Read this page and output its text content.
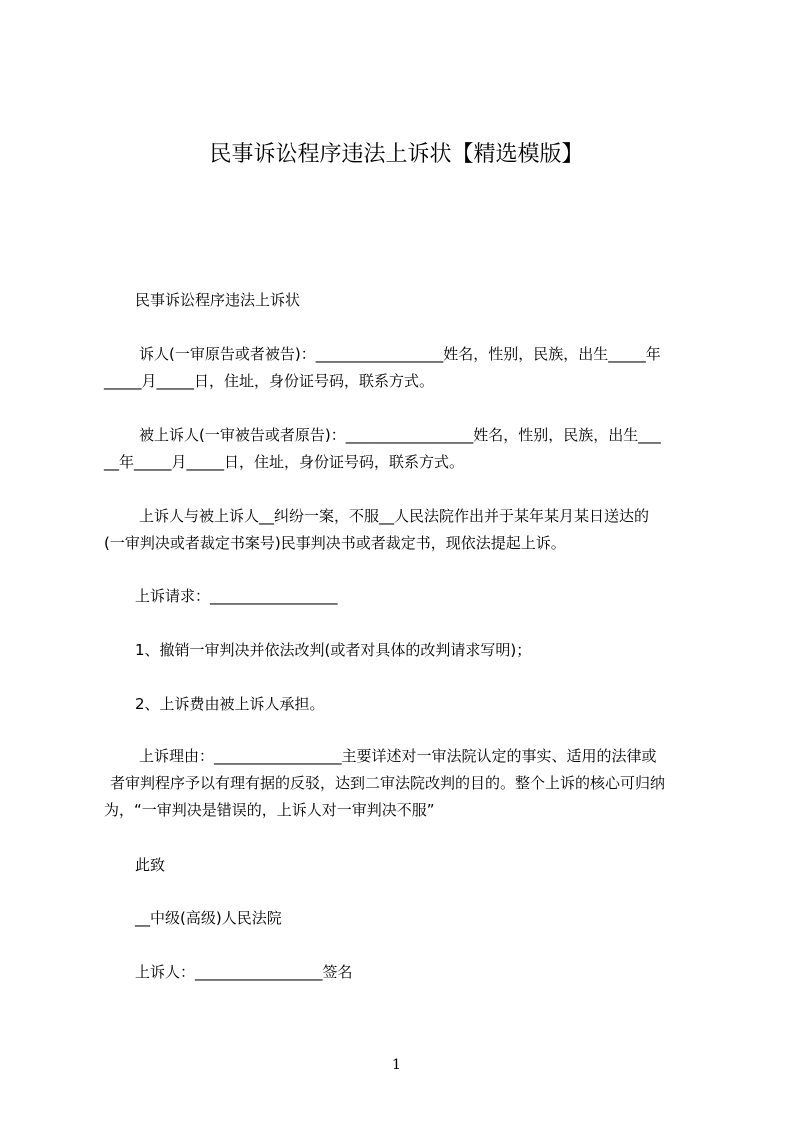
民事诉讼程序违法上诉状【精选模版】
民事诉讼程序违法上诉状
诉人(一审原告或者被告)：_________________姓名，性别，民族，出生_____年
_____月_____日，住址，身份证号码，联系方式。
被上诉人(一审被告或者原告)：_________________姓名，性别，民族，出生___
__年_____月_____日，住址，身份证号码，联系方式。
上诉人与被上诉人__纠纷一案，不服__人民法院作出并于某年某月某日送达的
(一审判决或者裁定书案号)民事判决书或者裁定书，现依法提起上诉。
上诉请求：_________________
1、撤销一审判决并依法改判(或者对具体的改判请求写明)；
2、上诉费由被上诉人承担。
上诉理由：_________________主要详述对一审法院认定的事实、适用的法律或
者审判程序予以有理有据的反驳，达到二审法院改判的目的。整个上诉的核心可归纳
为，“一审判决是错误的，上诉人对一审判决不服”
此致
__中级(高级)人民法院
上诉人：_________________签名
1
